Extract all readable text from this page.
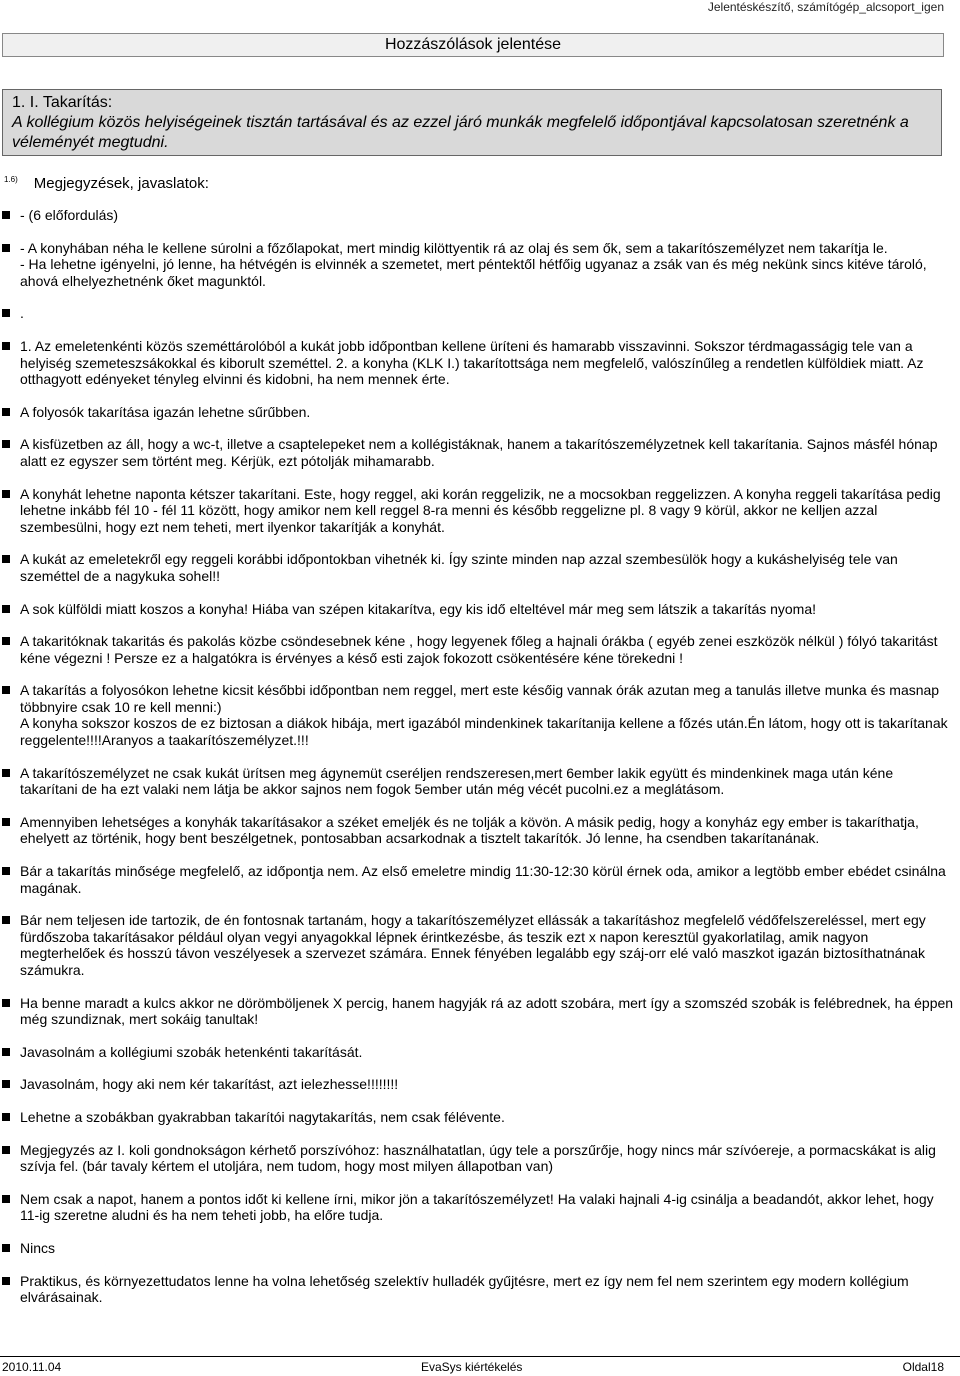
Jelentéskészítő, számítógép_alcsoport_igen
Hozzászólások jelentése
1. I. Takarítás:
A kollégium közös helyiségeinek tisztán tartásával és az ezzel járó munkák megfelelő időpontjával kapcsolatosan szeretnénk a véleményét megtudni.
$^{1.6)}$ Megjegyzések, javaslatok:
- (6 előfordulás)
- A konyhában néha le kellene súrolni a főzőlapokat, mert mindig kilöttyentik rá az olaj és sem ők, sem a takarítószemélyzet nem takarítja le.
- Ha lehetne igényelni, jó lenne, ha hétvégén is elvinnék a szemetet, mert péntektől hétfőig ugyanaz a zsák van és még nekünk sincs kitéve tároló, ahová elhelyezhetnénk őket magunktól.
.
1. Az emeletenkénti közös szeméttárolóból a kukát jobb időpontban kellene üríteni és hamarabb visszavinni. Sokszor térdmagasságig tele van a helyiség szemeteszsákokkal és kiborult szeméttel. 2. a konyha (KLK I.) takarítottsága nem megfelelő, valószínűleg a rendetlen külföldiek miatt. Az otthagyott edényeket tényleg elvinni és kidobni, ha nem mennek érte.
A folyosók takarítása igazán lehetne sűrűbben.
A kisfüzetben az áll, hogy a wc-t, illetve a csaptelepeket nem a kollégistáknak, hanem a takarítószemélyzetnek kell takarítania. Sajnos másfél hónap alatt ez egyszer sem történt meg. Kérjük, ezt pótolják mihamarabb.
A konyhát lehetne naponta kétszer takarítani. Este, hogy reggel, aki korán reggelizik, ne a mocsokban reggelizzen. A konyha reggeli takarítása pedig lehetne inkább fél 10 - fél 11 között, hogy amikor nem kell reggel 8-ra menni és később reggelizne pl. 8 vagy 9 körül, akkor ne kelljen azzal szembesülni, hogy ezt nem teheti, mert ilyenkor takarítják a konyhát.
A kukát az emeletekről egy reggeli korábbi időpontokban vihetnék ki. Így szinte minden nap azzal szembesülök hogy a kukáshelyiség tele van szeméttel de a nagykuka sohel!!
A sok külföldi miatt koszos a konyha! Hiába van szépen kitakarítva, egy kis idő elteltével már meg sem látszik a takarítás nyoma!
A takaritóknak takaritás és pakolás közbe csöndesebnek kéne , hogy legyenek főleg a hajnali órákba ( egyéb zenei eszközök nélkül ) fólyó takaritást kéne végezni ! Persze ez a halgatókra is érvényes a késő esti zajok fokozott csökentésére kéne törekedni !
A takarítás a folyosókon lehetne kicsit későbbi időpontban nem reggel, mert este későig vannak órák azutan meg a tanulás illetve munka és masnap többnyire csak 10 re kell menni:)
A konyha sokszor koszos de ez biztosan a diákok hibája, mert igazából mindenkinek takarítanija kellene a főzés után.Én látom, hogy ott is takarítanak reggelente!!!!Aranyos a taakarítószemélyzet.!!!
A takarítószemélyzet ne csak kukát ürítsen meg ágynemüt cseréljen rendszeresen,mert 6ember lakik együtt és mindenkinek maga után kéne takarítani de ha ezt valaki nem látja be akkor sajnos nem fogok 5ember után még vécét pucolni.ez a meglátásom.
Amennyiben lehetséges a konyhák takarításakor a széket emeljék és ne tolják a kövön. A másik pedig, hogy a konyház egy ember is takaríthatja, ehelyett az történik, hogy bent beszélgetnek, pontosabban acsarkodnak a tisztelt takarítók. Jó lenne, ha csendben takarítanának.
Bár a takarítás minősége megfelelő, az időpontja nem. Az első emeletre mindig 11:30-12:30 körül érnek oda, amikor a legtöbb ember ebédet csinálna magának.
Bár nem teljesen ide tartozik, de én fontosnak tartanám, hogy a takarítószemélyzet ellássák a takarításhoz megfelelő védőfelszereléssel, mert egy fürdőszoba takarításakor például olyan vegyi anyagokkal lépnek érintkezésbe, ás teszik ezt x napon keresztül gyakorlatilag, amik nagyon megterhelőek és hosszú távon veszélyesek a szervezet számára. Ennek fényében legalább egy száj-orr elé való maszkot igazán biztosíthatnának számukra.
Ha benne maradt a kulcs akkor ne dörömböljenek X percig, hanem hagyják rá az adott szobára, mert így a szomszéd szobák is felébrednek, ha éppen még szundiznak, mert sokáig tanultak!
Javasolnám a kollégiumi szobák hetenkénti takarítását.
Javasolnám, hogy aki nem kér takarítást, azt ielezhesse!!!!!!!!
Lehetne a szobákban gyakrabban takarítói nagytakarítás, nem csak félévente.
Megjegyzés az I. koli gondnokságon kérhető porszívóhoz: használhatatlan, úgy tele a porszűrője, hogy nincs már szívóereje, a pormacskákat is alig szívja fel. (bár tavaly kértem el utoljára, nem tudom, hogy most milyen állapotban van)
Nem csak a napot, hanem a pontos időt ki kellene írni, mikor jön a takarítószemélyzet! Ha valaki hajnali 4-ig csinálja a beadandót, akkor lehet, hogy 11-ig szeretne aludni és ha nem teheti jobb, ha előre tudja.
Nincs
Praktikus, és környezettudatos lenne ha volna lehetőség szelektív hulladék gyűjtésre, mert ez így nem fel nem szerintem egy modern kollégium elvárásainak.
2010.11.04	EvaSys kiértékelés	Oldal18
